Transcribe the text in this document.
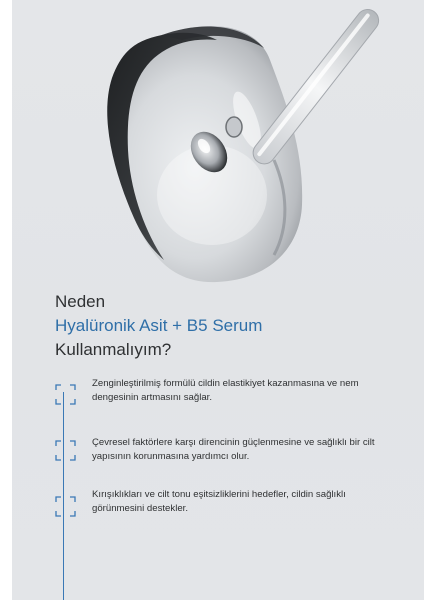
Neden
Hyalüronik Asit + B5 Serum
Kullanmalıyım?
Zenginleştirilmiş formülü cildin elastikiyet kazanmasına ve nem dengesinin artmasını sağlar.
Çevresel faktörlere karşı direncinin güçlenmesine ve sağlıklı bir cilt yapısının korunmasına yardımcı olur.
Kırışıklıkları ve cilt tonu eşitsizliklerini hedefler, cildin sağlıklı görünmesini destekler.
